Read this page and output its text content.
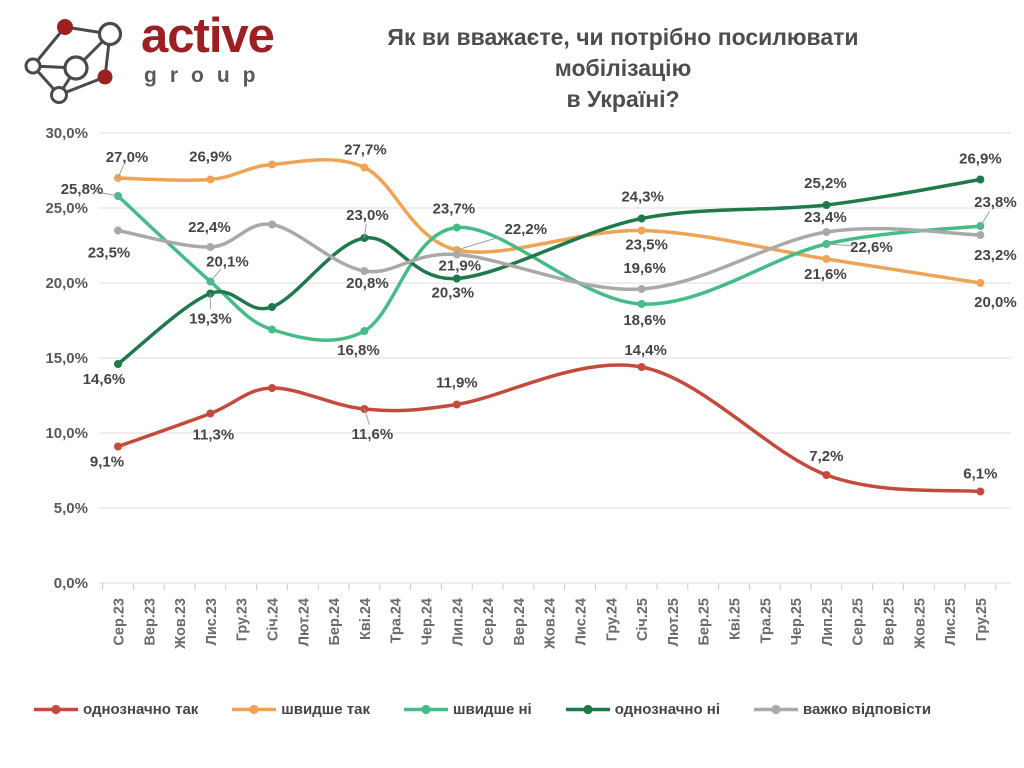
active
group
Як ви вважаєте, чи потрібно посилювати мобілізацію
в Україні?
30,0%
25,0%
20,0%
15,0%
10,0%
5,0%
0,0%
Сер.23 Вер.23 Жов.23 Лис.23 Гру.23 Січ.24 Лют.24 Бер.24 Кві.24 Тра.24 Чер.24 Лип.24 Сер.24 Вер.24 Жов.24 Лис.24 Гру.24 Січ.25 Лют.25 Бер.25 Кві.25 Тра.25 Чер.25 Лип.25 Сер.25 Вер.25 Жов.25 Лис.25 Гру.25
9,1%
11,3%	11,6%
11,9%
14,4%
7,2%
6,1%
27,0%	26,9%	27,7%
22,2%
23,5%
21,6%
20,0%
25,8%
20,1%
16,8%
23,7%
18,6%
22,6%
23,8%
14,6%
19,3%
23,0%
20,3%
24,3%
25,2%
26,9%
23,5%
22,4%
20,8%
21,9%	19,6%
23,4%
23,2%
однозначно так	швидше так	швидше ні	однозначно ні	важко відповісти
